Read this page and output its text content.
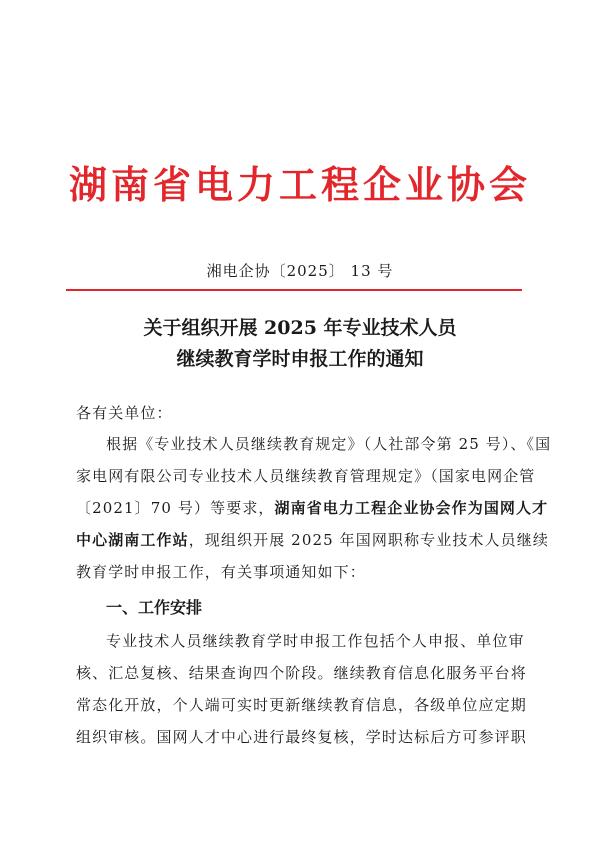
湖南省电力工程企业协会
湘电企协〔2025〕 13 号
关于组织开展 2025 年专业技术人员
继续教育学时申报工作的通知
各有关单位：
根据《专业技术人员继续教育规定》（人社部令第 25 号）、《国
家电网有限公司专业技术人员继续教育管理规定》（国家电网企管
〔2021〕70 号）等要求，湖南省电力工程企业协会作为国网人才
中心湖南工作站，现组织开展 2025 年国网职称专业技术人员继续
教育学时申报工作，有关事项通知如下：
一、工作安排
专业技术人员继续教育学时申报工作包括个人申报、单位审
核、汇总复核、结果查询四个阶段。继续教育信息化服务平台将
常态化开放，个人端可实时更新继续教育信息，各级单位应定期
组织审核。国网人才中心进行最终复核，学时达标后方可参评职
